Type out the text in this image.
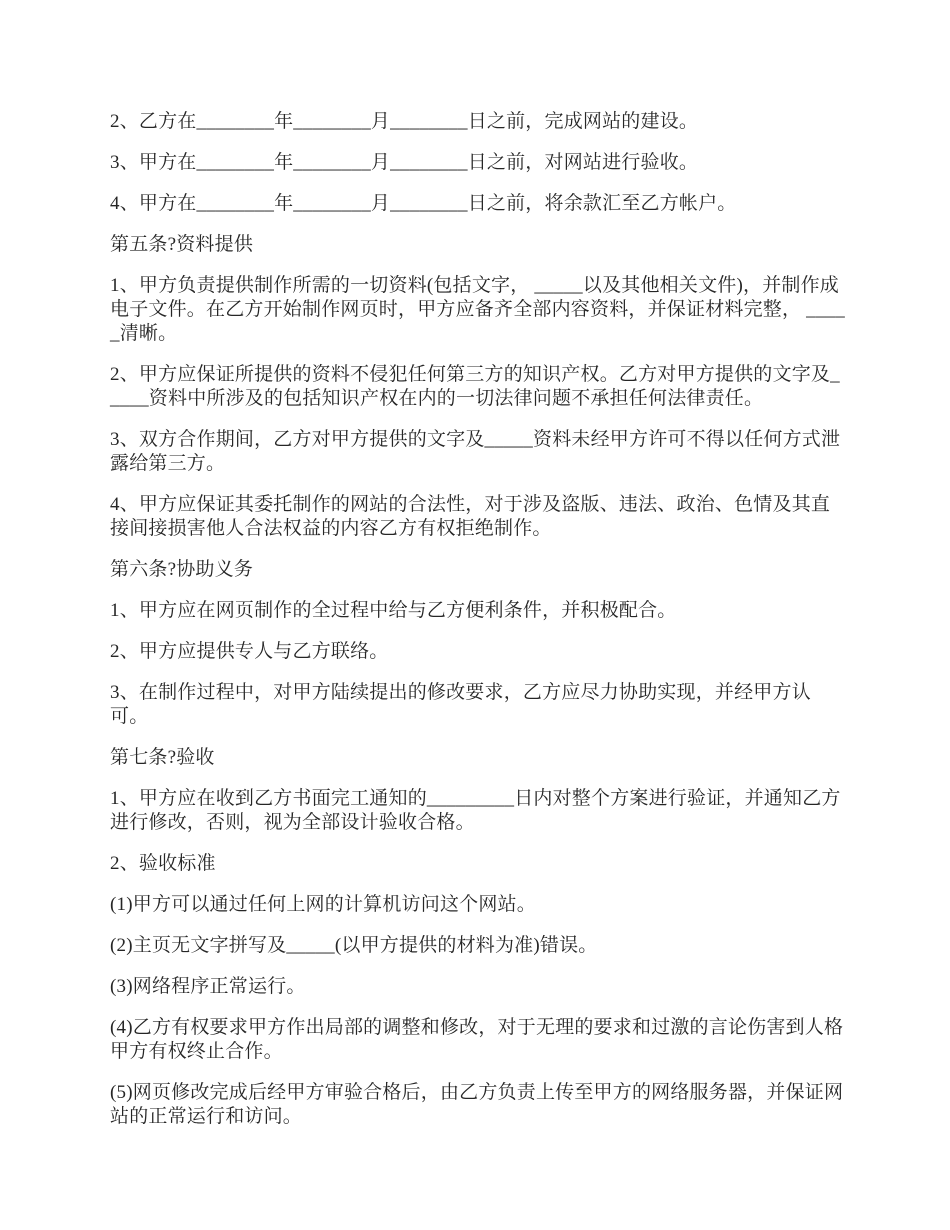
2、乙方在________年________月________日之前，完成网站的建设。

3、甲方在________年________月________日之前，对网站进行验收。

4、甲方在________年________月________日之前，将余款汇至乙方帐户。

第五条?资料提供

1、甲方负责提供制作所需的一切资料(包括文字， _____以及其他相关文件)，并制作成电子文件。在乙方开始制作网页时，甲方应备齐全部内容资料，并保证材料完整， _____清晰。

2、甲方应保证所提供的资料不侵犯任何第三方的知识产权。乙方对甲方提供的文字及_____资料中所涉及的包括知识产权在内的一切法律问题不承担任何法律责任。

3、双方合作期间，乙方对甲方提供的文字及_____资料未经甲方许可不得以任何方式泄露给第三方。

4、甲方应保证其委托制作的网站的合法性，对于涉及盗版、违法、政治、色情及其直接间接损害他人合法权益的内容乙方有权拒绝制作。

第六条?协助义务

1、甲方应在网页制作的全过程中给与乙方便利条件，并积极配合。

2、甲方应提供专人与乙方联络。

3、在制作过程中，对甲方陆续提出的修改要求，乙方应尽力协助实现，并经甲方认可。

第七条?验收

1、甲方应在收到乙方书面完工通知的_________日内对整个方案进行验证，并通知乙方进行修改，否则，视为全部设计验收合格。

2、验收标准

(1)甲方可以通过任何上网的计算机访问这个网站。

(2)主页无文字拼写及_____(以甲方提供的材料为准)错误。

(3)网络程序正常运行。

(4)乙方有权要求甲方作出局部的调整和修改，对于无理的要求和过激的言论伤害到人格甲方有权终止合作。

(5)网页修改完成后经甲方审验合格后，由乙方负责上传至甲方的网络服务器，并保证网站的正常运行和访问。
